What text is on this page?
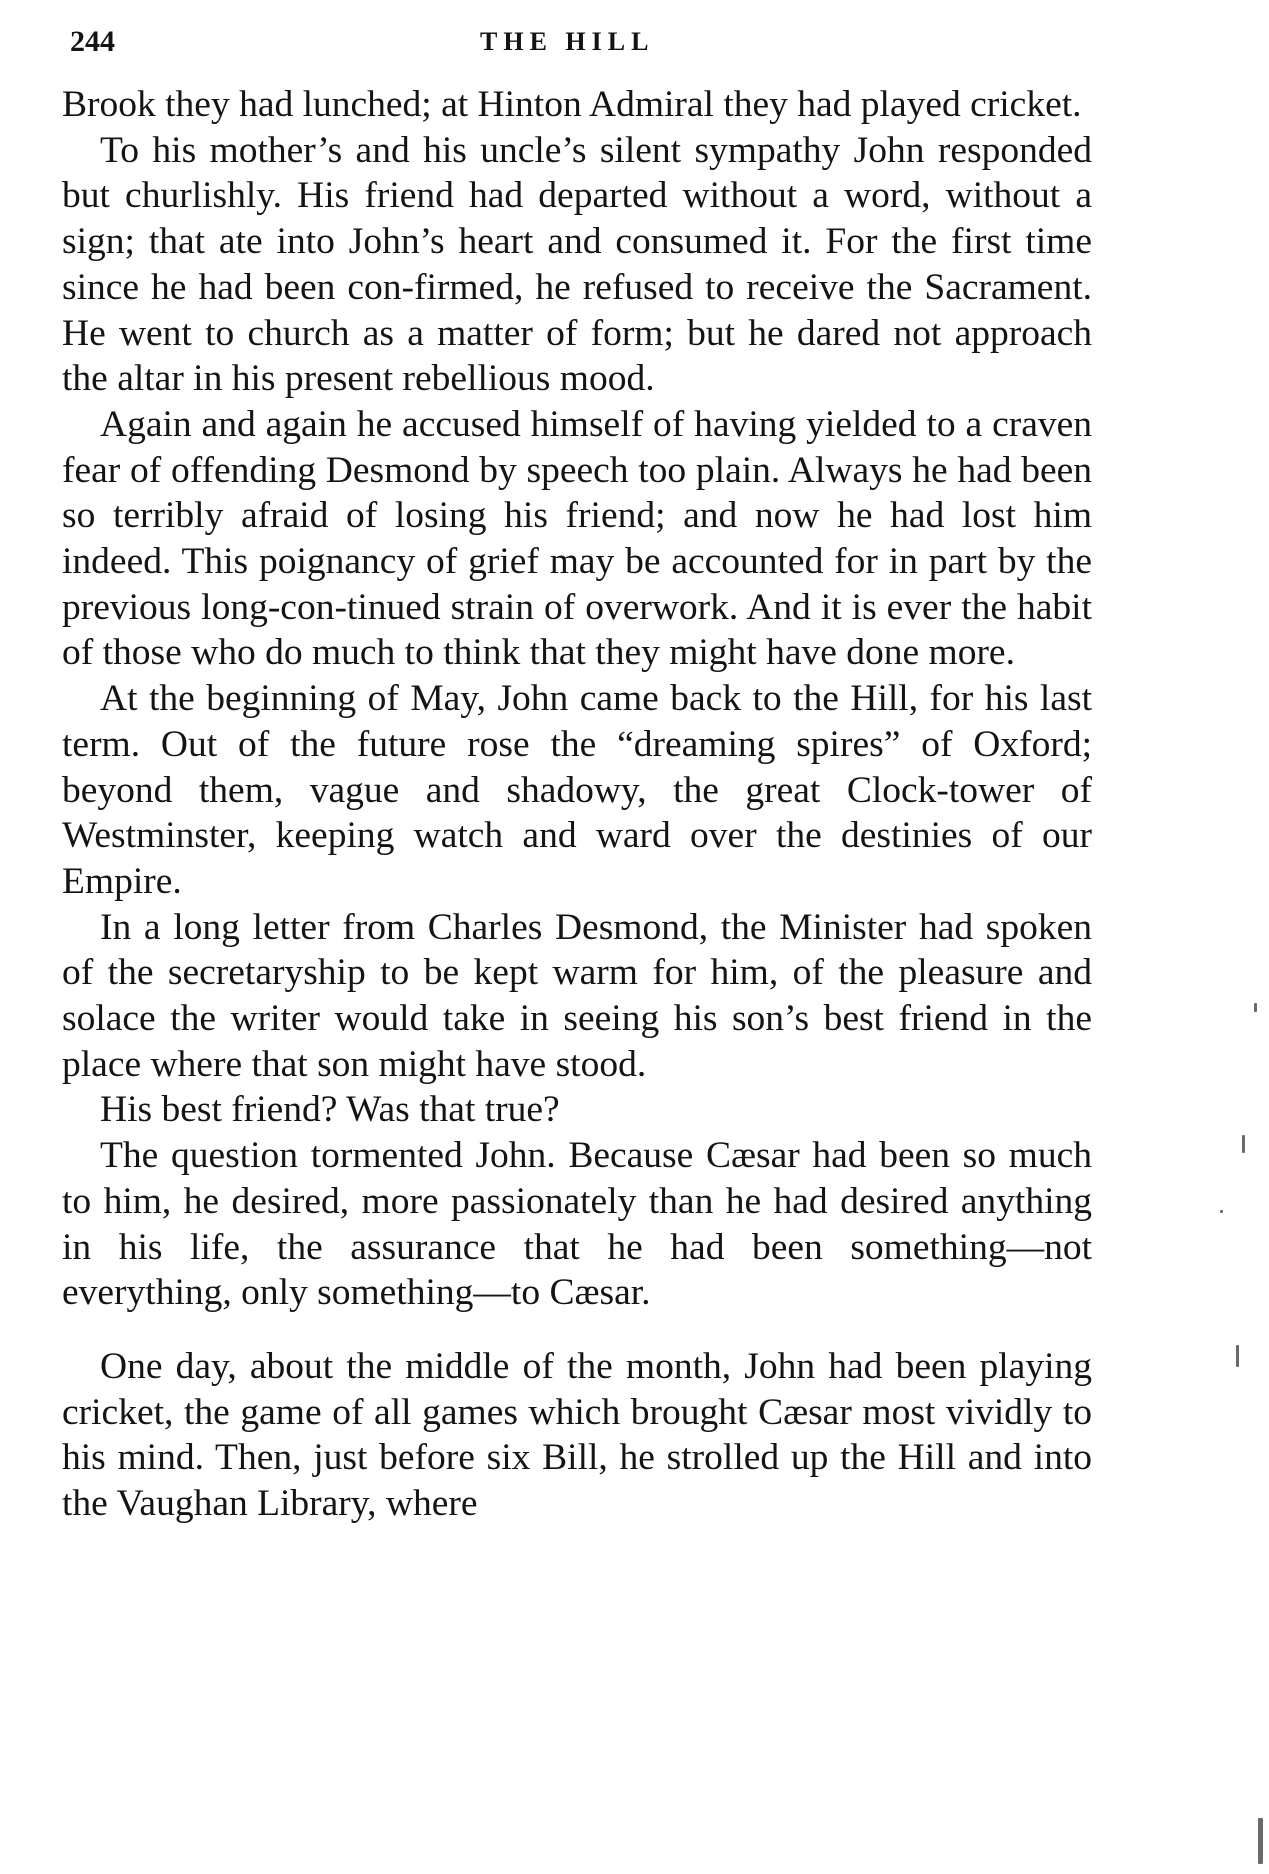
244	THE HILL

Brook they had lunched; at Hinton Admiral they had played cricket.

To his mother’s and his uncle’s silent sympathy John responded but churlishly. His friend had departed without a word, without a sign; that ate into John’s heart and consumed it. For the first time since he had been con-firmed, he refused to receive the Sacrament. He went to church as a matter of form; but he dared not approach the altar in his present rebellious mood.

Again and again he accused himself of having yielded to a craven fear of offending Desmond by speech too plain. Always he had been so terribly afraid of losing his friend; and now he had lost him indeed. This poignancy of grief may be accounted for in part by the previous long-con-tinued strain of overwork. And it is ever the habit of those who do much to think that they might have done more.

At the beginning of May, John came back to the Hill, for his last term. Out of the future rose the “dreaming spires” of Oxford; beyond them, vague and shadowy, the great Clock-tower of Westminster, keeping watch and ward over the destinies of our Empire.

In a long letter from Charles Desmond, the Minister had spoken of the secretaryship to be kept warm for him, of the pleasure and solace the writer would take in seeing his son’s best friend in the place where that son might have stood.

His best friend? Was that true?

The question tormented John. Because Cæsar had been so much to him, he desired, more passionately than he had desired anything in his life, the assurance that he had been something—not everything, only something—to Cæsar.

One day, about the middle of the month, John had been playing cricket, the game of all games which brought Cæsar most vividly to his mind. Then, just before six Bill, he strolled up the Hill and into the Vaughan Library, where
